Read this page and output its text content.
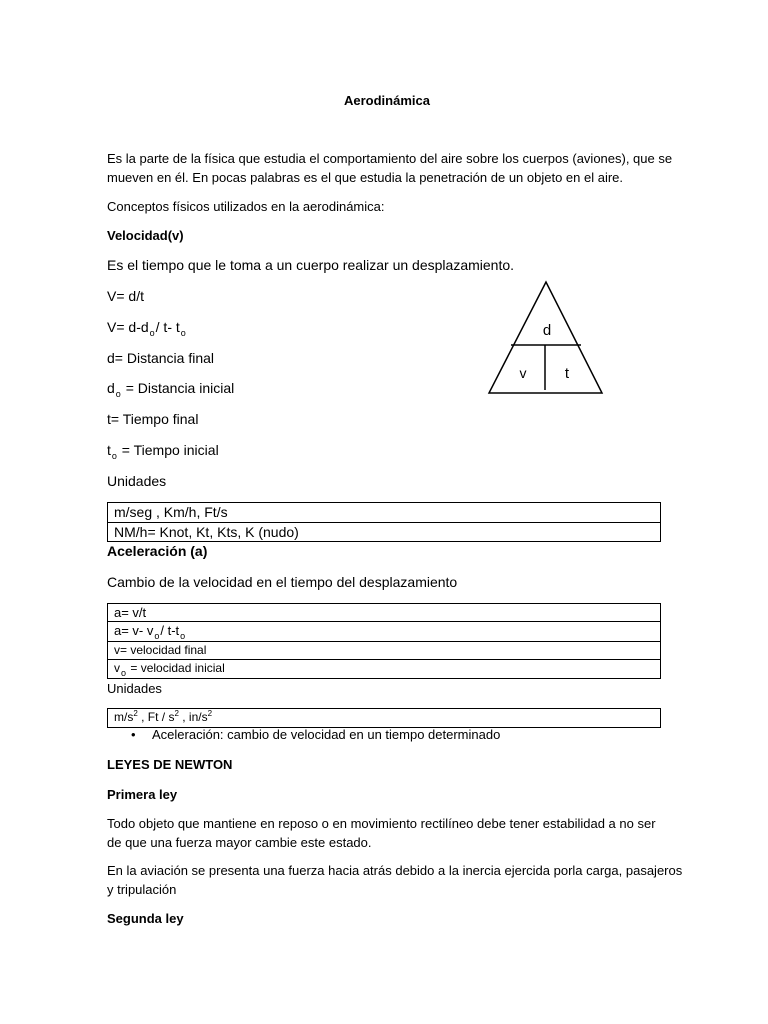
Aerodinámica
Es la parte de la física que estudia el comportamiento del aire sobre los cuerpos (aviones), que se
mueven en él. En pocas palabras es el que estudia la penetración de un objeto en el aire.
Conceptos físicos utilizados en la aerodinámica:
Velocidad(v)
Es el tiempo que le toma a un cuerpo realizar un desplazamiento.
V= d/t
$V= d-d_o/$ t- $t_o$
d= Distancia final
$d_o$ = Distancia inicial
t= Tiempo final
$t_o$ = Tiempo inicial
d
v	t
Unidades
m/seg , Km/h, Ft/s
NM/h= Knot, Kt, Kts, K (nudo)
Aceleración (a)
Cambio de la velocidad en el tiempo del desplazamiento
a= v/t
a= v- $v_o/$ $t-t_o$
v= velocidad final
$v_o$ = velocidad inicial
Unidades
$m/s^2$ , Ft / $s^2$ , $in/s^2$
• Aceleración: cambio de velocidad en un tiempo determinado
LEYES DE NEWTON
Primera ley
Todo objeto que mantiene en reposo o en movimiento rectilíneo debe tener estabilidad a no ser
de que una fuerza mayor cambie este estado.
En la aviación se presenta una fuerza hacia atrás debido a la inercia ejercida porla carga, pasajeros
y tripulación
Segunda ley
